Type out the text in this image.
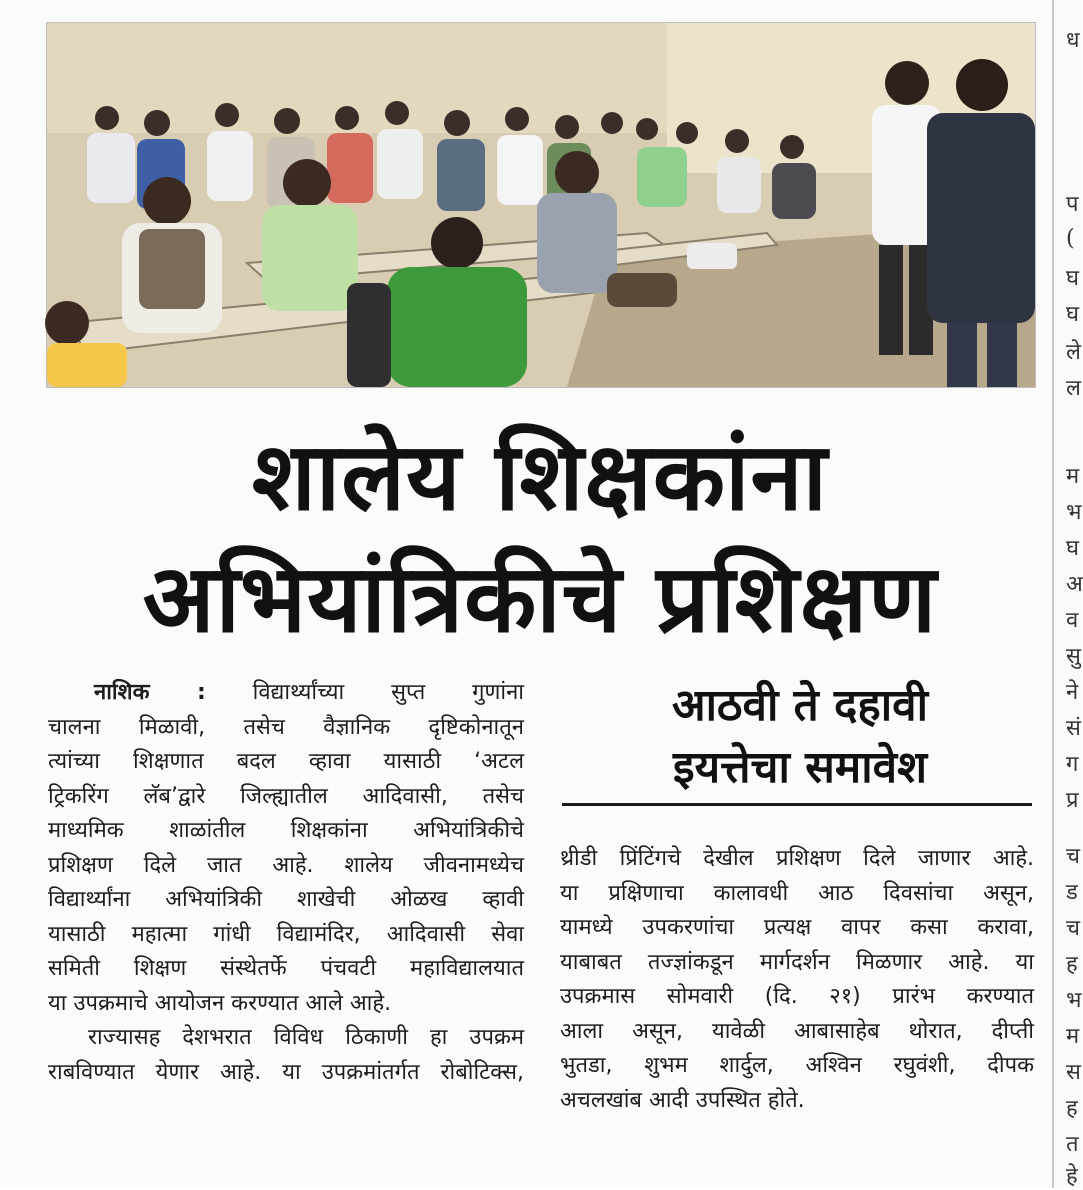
शालेय शिक्षकांना
अभियांत्रिकीचे प्रशिक्षण
नाशिक : विद्यार्थ्यांच्या सुप्त गुणांना
चालना मिळावी, तसेच वैज्ञानिक दृष्टिकोनातून
त्यांच्या शिक्षणात बदल व्हावा यासाठी ‘अटल
ट्रिकरिंग लॅब’द्वारे जिल्ह्यातील आदिवासी, तसेच
माध्यमिक शाळांतील शिक्षकांना अभियांत्रिकीचे
प्रशिक्षण दिले जात आहे. शालेय जीवनामध्येच
विद्यार्थ्यांना अभियांत्रिकी शाखेची ओळख व्हावी
यासाठी महात्मा गांधी विद्यामंदिर, आदिवासी सेवा
समिती शिक्षण संस्थेतर्फे पंचवटी महाविद्यालयात
या उपक्रमाचे आयोजन करण्यात आले आहे.
राज्यासह देशभरात विविध ठिकाणी हा उपक्रम
राबविण्यात येणार आहे. या उपक्रमांतर्गत रोबोटिक्स,
आठवी ते दहावी
इयत्तेचा समावेश
थ्रीडी प्रिंटिंगचे देखील प्रशिक्षण दिले जाणार आहे.
या प्रक्षिणाचा कालावधी आठ दिवसांचा असून,
यामध्ये उपकरणांचा प्रत्यक्ष वापर कसा करावा,
याबाबत तज्ज्ञांकडून मार्गदर्शन मिळणार आहे. या
उपक्रमास सोमवारी (दि. २१) प्रारंभ करण्यात
आला असून, यावेळी आबासाहेब थोरात, दीप्ती
भुतडा, शुभम शार्दुल, अश्विन रघुवंशी, दीपक
अचलखांब आदी उपस्थित होते.
ध
प
(
घ
घ
ले
ल
म
भ
घ
अ
व
सु
ने
सं
ग
प्र
च
ड
च
ह
भ
म
स
ह
त
हे
